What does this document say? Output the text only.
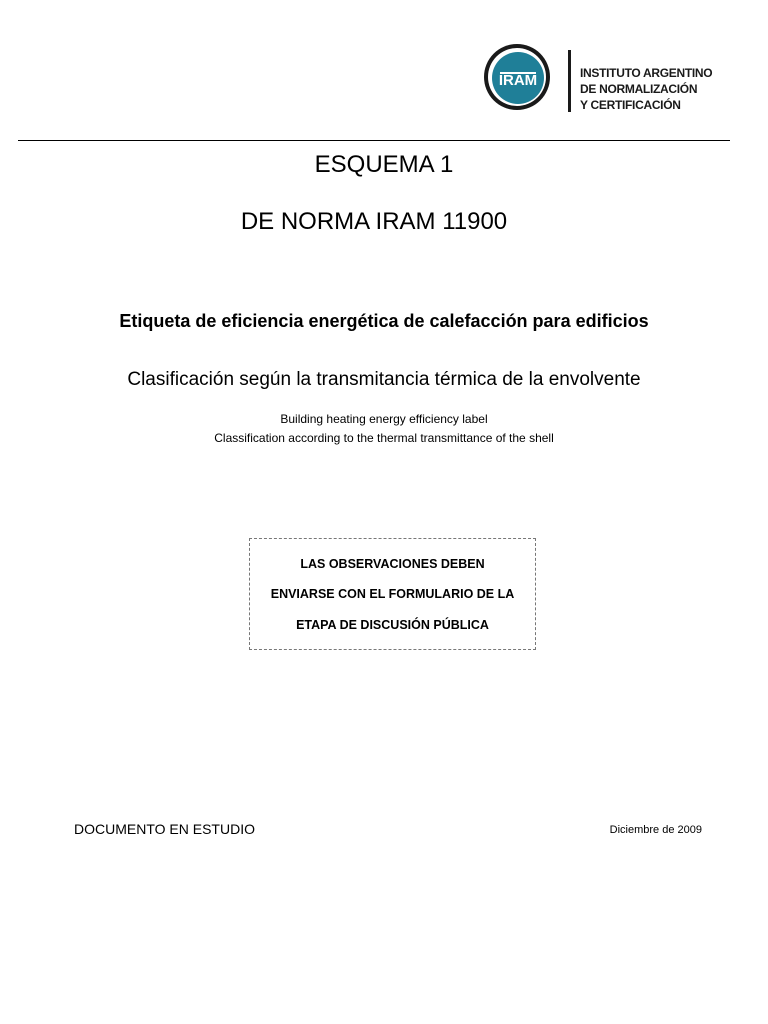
IRAM	INSTITUTO ARGENTINO
DE NORMALIZACIÓN
Y CERTIFICACIÓN
ESQUEMA 1
DE NORMA IRAM 11900
Etiqueta de eficiencia energética de calefacción para edificios
Clasificación según la transmitancia térmica de la envolvente
Building heating energy efficiency label
Classification according to the thermal transmittance of the shell
LAS OBSERVACIONES DEBEN
ENVIARSE CON EL FORMULARIO DE LA
ETAPA DE DISCUSIÓN PÚBLICA
DOCUMENTO EN ESTUDIO	Diciembre de 2009
